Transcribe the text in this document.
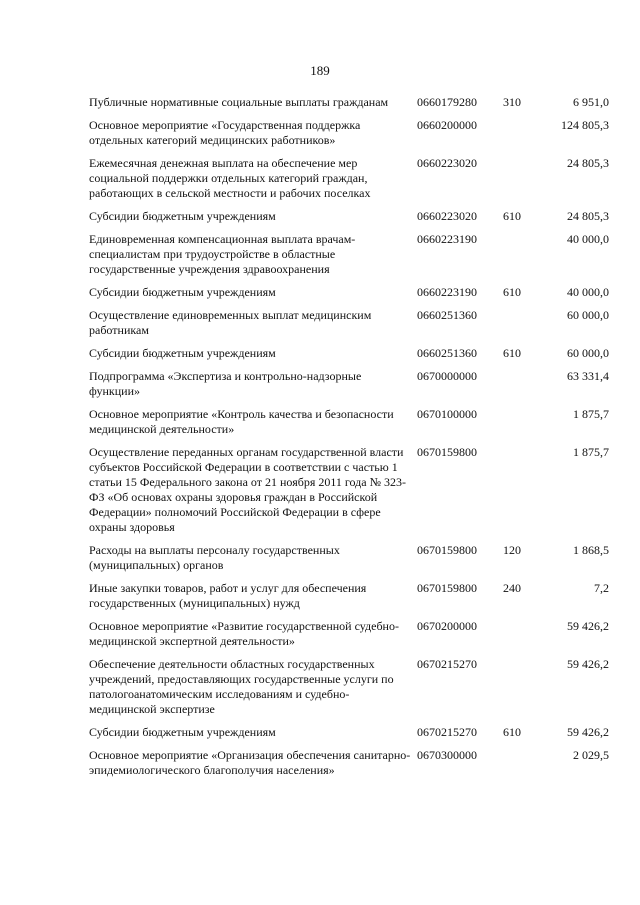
189
Публичные нормативные социальные выплаты гражданам	0660179280	310	6 951,0
Основное мероприятие «Государственная поддержка отдельных категорий медицинских работников»	0660200000		124 805,3
Ежемесячная денежная выплата на обеспечение мер социальной поддержки отдельных категорий граждан, работающих в сельской местности и рабочих поселках	0660223020		24 805,3
Субсидии бюджетным учреждениям	0660223020	610	24 805,3
Единовременная компенсационная выплата врачам-специалистам при трудоустройстве в областные государственные учреждения здравоохранения	0660223190		40 000,0
Субсидии бюджетным учреждениям	0660223190	610	40 000,0
Осуществление единовременных выплат медицинским работникам	0660251360		60 000,0
Субсидии бюджетным учреждениям	0660251360	610	60 000,0
Подпрограмма «Экспертиза и контрольно-надзорные функции»	0670000000		63 331,4
Основное мероприятие «Контроль качества и безопасности медицинской деятельности»	0670100000		1 875,7
Осуществление переданных органам государственной власти субъектов Российской Федерации в соответствии с частью 1 статьи 15 Федерального закона от 21 ноября 2011 года № 323-ФЗ «Об основах охраны здоровья граждан в Российской Федерации» полномочий Российской Федерации в сфере охраны здоровья	0670159800		1 875,7
Расходы на выплаты персоналу государственных (муниципальных) органов	0670159800	120	1 868,5
Иные закупки товаров, работ и услуг для обеспечения государственных (муниципальных) нужд	0670159800	240	7,2
Основное мероприятие «Развитие государственной судебно-медицинской экспертной деятельности»	0670200000		59 426,2
Обеспечение деятельности областных государственных учреждений, предоставляющих государственные услуги по патологоанатомическим исследованиям и судебно-медицинской экспертизе	0670215270		59 426,2
Субсидии бюджетным учреждениям	0670215270	610	59 426,2
Основное мероприятие «Организация обеспечения санитарно-эпидемиологического благополучия населения»	0670300000		2 029,5
